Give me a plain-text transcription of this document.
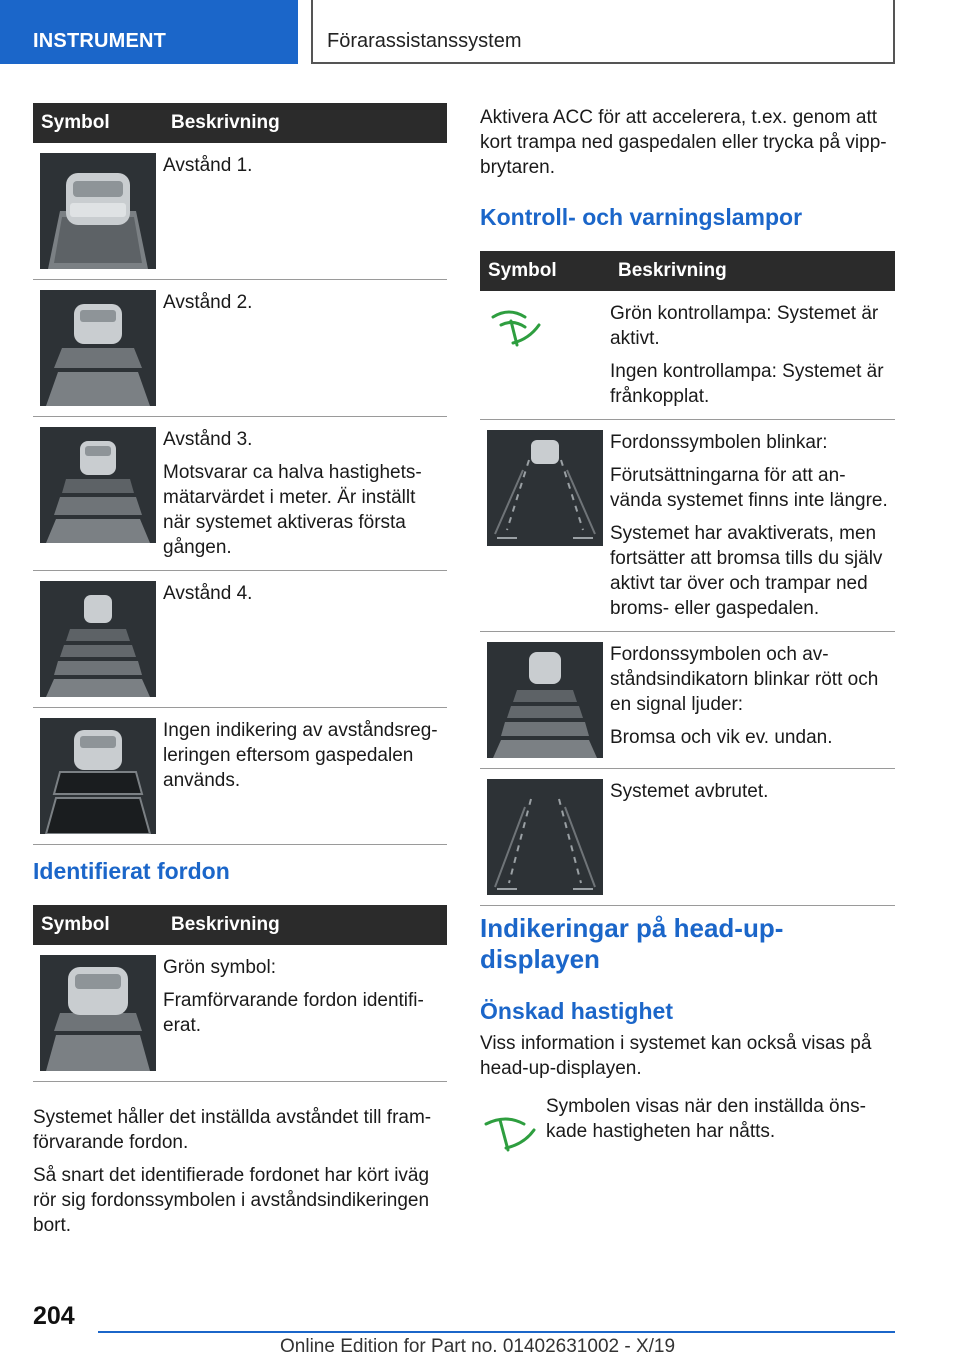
INSTRUMENT	Förarassistanssystem
Symbol	Beskrivning

Avstånd 1.

Avstånd 2.

Avstånd 3.

Motsvarar ca halva hastighets-mätarvärdet i meter. Är inställt när systemet aktiveras första gången.

Avstånd 4.

Ingen indikering av avståndsreg-leringen eftersom gaspedalen används.

Identifierat fordon
Symbol	Beskrivning

Grön symbol:

Framförvarande fordon identifi-erat.

Systemet håller det inställda avståndet till fram-förvarande fordon.

Så snart det identifierade fordonet har kört iväg rör sig fordonssymbolen i avståndsindikeringen bort.

Aktivera ACC för att accelerera, t.ex. genom att kort trampa ned gaspedalen eller trycka på vipp-brytaren.

Kontroll- och varningslampor
Symbol	Beskrivning

Grön kontrollampa: Systemet är aktivt.

Ingen kontrollampa: Systemet är frånkopplat.

Fordonssymbolen blinkar:

Förutsättningarna för att an-vända systemet finns inte längre.

Systemet har avaktiverats, men fortsätter att bromsa tills du själv aktivt tar över och trampar ned broms- eller gaspedalen.

Fordonssymbolen och av-ståndsindikatorn blinkar rött och en signal ljuder:

Bromsa och vik ev. undan.

Systemet avbrutet.

Indikeringar på head-up-displayen
Önskad hastighet

Viss information i systemet kan också visas på head-up-displayen.

Symbolen visas när den inställda öns-kade hastigheten har nåtts.

204
Online Edition for Part no. 01402631002 - X/19
